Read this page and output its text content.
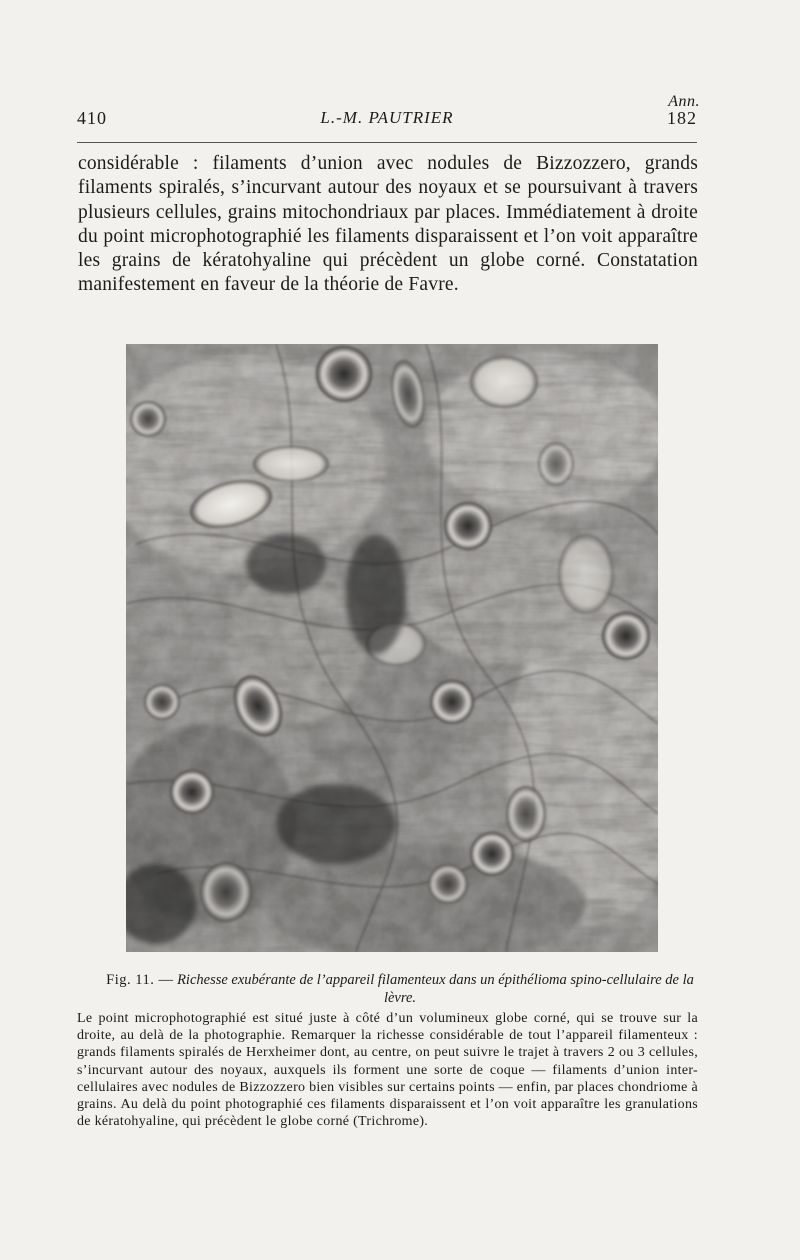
Ann.
410	L.-M. PAUTRIER	182

considérable : filaments d’union avec nodules de Bizzozzero, grands filaments spiralés, s’incurvant autour des noyaux et se poursuivant à travers plusieurs cellules, grains mitochondriaux par places. Immédiatement à droite du point microphotographié les filaments disparaissent et l’on voit apparaître les grains de kératohyaline qui précèdent un globe corné. Constatation manifestement en faveur de la théorie de Favre.

Fig. 11. — Richesse exubérante de l’appareil filamenteux dans un épithélioma spino-cellulaire de la lèvre.

Le point microphotographié est situé juste à côté d’un volumineux globe corné, qui se trouve sur la droite, au delà de la photographie. Remarquer la richesse considérable de tout l’appareil filamenteux : grands filaments spiralés de Herxheimer dont, au centre, on peut suivre le trajet à travers 2 ou 3 cellules, s’incurvant autour des noyaux, auxquels ils forment une sorte de coque — filaments d’union inter-cellulaires avec nodules de Bizzozzero bien visibles sur certains points — enfin, par places chondriome à grains. Au delà du point photographié ces filaments disparaissent et l’on voit apparaître les granulations de kératohyaline, qui précèdent le globe corné (Trichrome).
